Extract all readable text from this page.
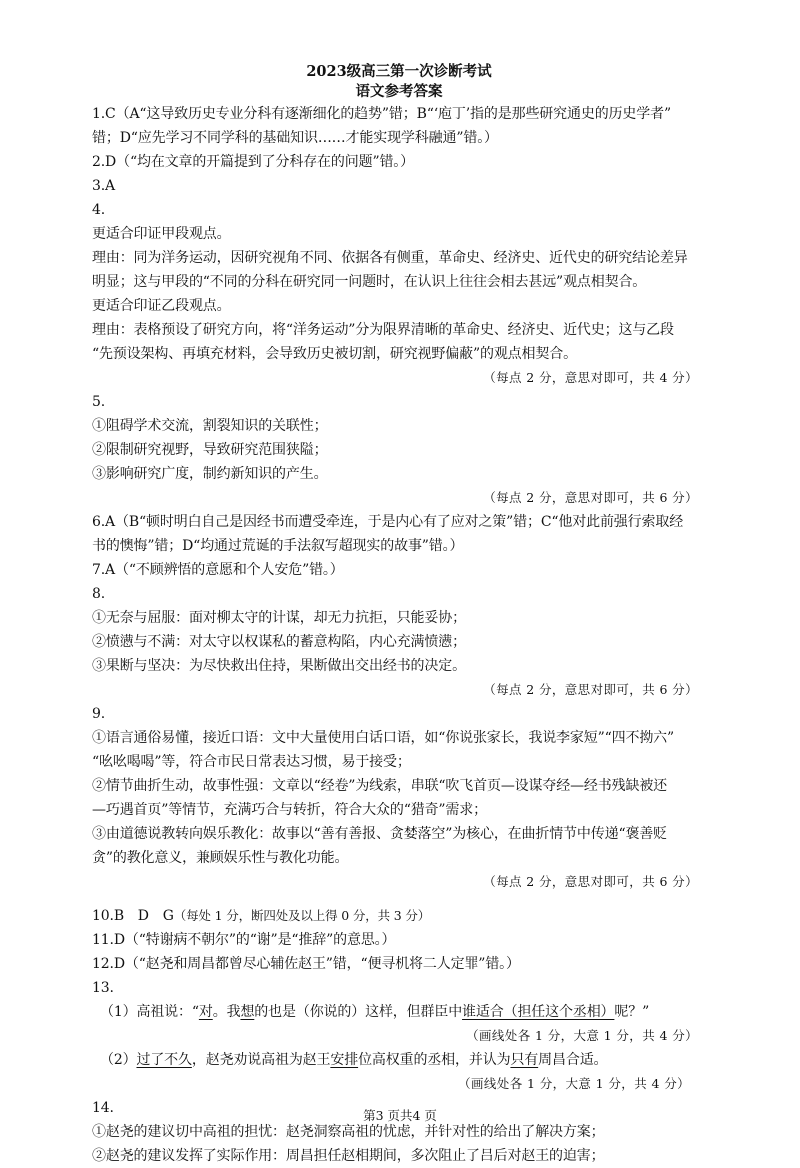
2023级高三第一次诊断考试
语文参考答案
1.C（A“这导致历史专业分科有逐渐细化的趋势”错；B“‘庖丁’指的是那些研究通史的历史学者”
错；D“应先学习不同学科的基础知识……才能实现学科融通”错。）
2.D（“均在文章的开篇提到了分科存在的问题”错。）
3.A
4.
更适合印证甲段观点。
理由：同为洋务运动，因研究视角不同、依据各有侧重，革命史、经济史、近代史的研究结论差异
明显；这与甲段的“不同的分科在研究同一问题时，在认识上往往会相去甚远”观点相契合。
更适合印证乙段观点。
理由：表格预设了研究方向，将“洋务运动”分为限界清晰的革命史、经济史、近代史；这与乙段
“先预设架构、再填充材料，会导致历史被切割，研究视野偏蔽”的观点相契合。
（每点 2 分，意思对即可，共 4 分）
5.
①阻碍学术交流，割裂知识的关联性；
②限制研究视野，导致研究范围狭隘；
③影响研究广度，制约新知识的产生。
（每点 2 分，意思对即可，共 6 分）
6.A（B“顿时明白自己是因经书而遭受牵连，于是内心有了应对之策”错；C“他对此前强行索取经
书的懊悔”错；D“均通过荒诞的手法叙写超现实的故事”错。）
7.A（“不顾辨悟的意愿和个人安危”错。）
8.
①无奈与屈服：面对柳太守的计谋，却无力抗拒，只能妥协；
②愤懑与不满：对太守以权谋私的蓄意构陷，内心充满愤懑；
③果断与坚决：为尽快救出住持，果断做出交出经书的决定。
（每点 2 分，意思对即可，共 6 分）
9.
①语言通俗易懂，接近口语：文中大量使用白话口语，如“你说张家长，我说李家短”“四不拗六”
“吆吆喝喝”等，符合市民日常表达习惯，易于接受；
②情节曲折生动，故事性强：文章以“经卷”为线索，串联“吹飞首页—设谋夺经—经书残缺被还
—巧遇首页”等情节，充满巧合与转折，符合大众的“猎奇”需求；
③由道德说教转向娱乐教化：故事以“善有善报、贪婪落空”为核心，在曲折情节中传递“褒善贬
贪”的教化意义，兼顾娱乐性与教化功能。
（每点 2 分，意思对即可，共 6 分）
10.B　D　G（每处 1 分，断四处及以上得 0 分，共 3 分）
11.D（“特谢病不朝尔”的“谢”是“推辞”的意思。）
12.D（“赵尧和周昌都曾尽心辅佐赵王”错，“便寻机将二人定罪”错。）
13.
（1）高祖说：“对。我想的也是（你说的）这样，但群臣中谁适合（担任这个丞相）呢？”
（画线处各 1 分，大意 1 分，共 4 分）
（2）过了不久，赵尧劝说高祖为赵王安排位高权重的丞相，并认为只有周昌合适。
（画线处各 1 分，大意 1 分，共 4 分）
14.
①赵尧的建议切中高祖的担忧：赵尧洞察高祖的忧虑，并针对性的给出了解决方案；
②赵尧的建议发挥了实际作用：周昌担任赵相期间，多次阻止了吕后对赵王的迫害；
第3 页共4 页
